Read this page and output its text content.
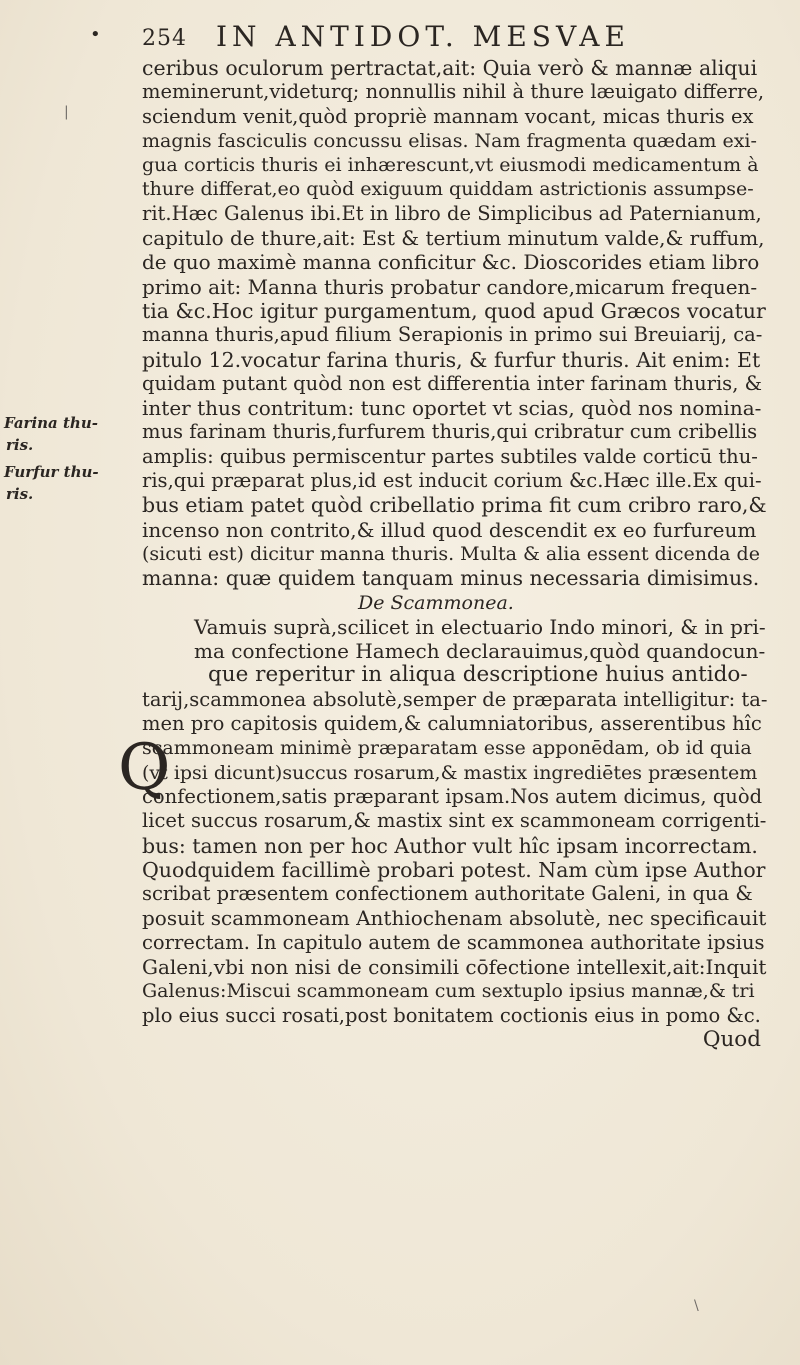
• 254 IN ANTIDOT. MESVAE
|
Farina thu-
ris.
Furfur thu-
ris.
ceribus oculorum pertractat,ait: Quia verò & mannæ aliqui
meminerunt,videturq; nonnullis nihil à thure læuigato differre,
sciendum venit,quòd propriè mannam vocant, micas thuris ex
magnis fasciculis concussu elisas. Nam fragmenta quædam exi-
gua corticis thuris ei inhærescunt,vt eiusmodi medicamentum à
thure differat,eo quòd exiguum quiddam astrictionis assumpse-
rit.Hæc Galenus ibi.Et in libro de Simplicibus ad Paternianum,
capitulo de thure,ait: Est & tertium minutum valde,& ruffum,
de quo maximè manna conficitur &c. Dioscorides etiam libro
primo ait: Manna thuris probatur candore,micarum frequen-
tia &c.Hoc igitur purgamentum, quod apud Græcos vocatur
manna thuris,apud filium Serapionis in primo sui Breuiarij, ca-
pitulo 12.vocatur farina thuris, & furfur thuris. Ait enim: Et
quidam putant quòd non est differentia inter farinam thuris, &
inter thus contritum: tunc oportet vt scias, quòd nos nomina-
mus farinam thuris,furfurem thuris,qui cribratur cum cribellis
amplis: quibus permiscentur partes subtiles valde corticū thu-
ris,qui præparat plus,id est inducit corium &c.Hæc ille.Ex qui-
bus etiam patet quòd cribellatio prima fit cum cribro raro,&
incenso non contrito,& illud quod descendit ex eo furfureum
(sicuti est) dicitur manna thuris. Multa & alia essent dicenda de
manna: quæ quidem tanquam minus necessaria dimisimus.
De Scammonea.
Vamuis suprà,scilicet in electuario Indo minori, & in pri-
ma confectione Hamech declarauimus,quòd quandocun-
que reperitur in aliqua descriptione huius antido-
tarij,scammonea absolutè,semper de præparata intelligitur: ta-
men pro capitosis quidem,& calumniatoribus, asserentibus hîc
scammoneam minimè præparatam esse apponēdam, ob id quia
(vt ipsi dicunt)succus rosarum,& mastix ingrediētes præsentem
confectionem,satis præparant ipsam.Nos autem dicimus, quòd
licet succus rosarum,& mastix sint ex scammoneam corrigenti-
bus: tamen non per hoc Author vult hîc ipsam incorrectam.
Quodquidem facillimè probari potest. Nam cùm ipse Author
scribat præsentem confectionem authoritate Galeni, in qua &
posuit scammoneam Anthiochenam absolutè, nec specificauit
correctam. In capitulo autem de scammonea authoritate ipsius
Galeni,vbi non nisi de consimili cōfectione intellexit,ait:Inquit
Galenus:Miscui scammoneam cum sextuplo ipsius mannæ,& tri
plo eius succi rosati,post bonitatem coctionis eius in pomo &c.
Quod
Q
\
